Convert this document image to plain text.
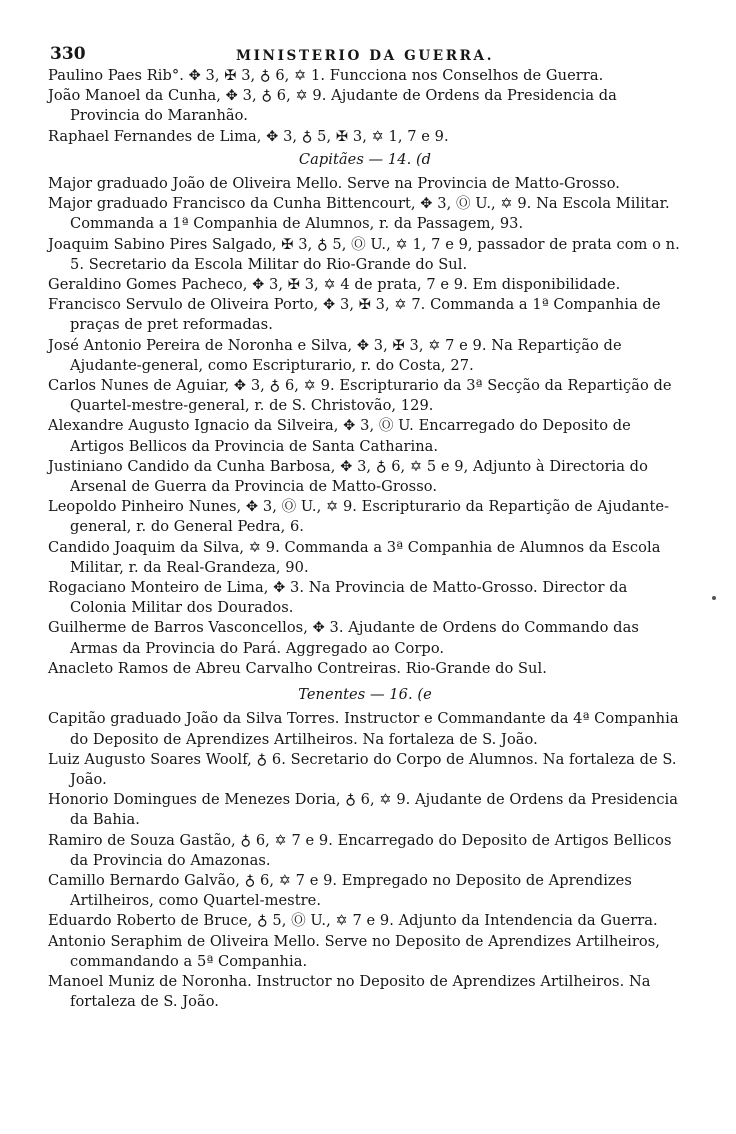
330	MINISTERIO DA GUERRA.

Paulino Paes Rib°. ✥ 3, ✠ 3, ♁ 6, ✡ 1. Funcciona nos Conselhos de Guerra.

João Manoel da Cunha, ✥ 3, ♁ 6, ✡ 9. Ajudante de Ordens da Presidencia da Provincia do Maranhão.

Raphael Fernandes de Lima, ✥ 3, ♁ 5, ✠ 3, ✡ 1, 7 e 9.

Capitães — 14. (d

Major graduado João de Oliveira Mello. Serve na Provincia de Matto-Grosso.

Major graduado Francisco da Cunha Bittencourt, ✥ 3, Ⓞ U., ✡ 9. Na Escola Militar. Commanda a 1ª Companhia de Alumnos, r. da Passagem, 93.

Joaquim Sabino Pires Salgado, ✠ 3, ♁ 5, Ⓞ U., ✡ 1, 7 e 9, passador de prata com o n. 5. Secretario da Escola Militar do Rio-Grande do Sul.

Geraldino Gomes Pacheco, ✥ 3, ✠ 3, ✡ 4 de prata, 7 e 9. Em disponibilidade.

Francisco Servulo de Oliveira Porto, ✥ 3, ✠ 3, ✡ 7. Commanda a 1ª Companhia de praças de pret reformadas.

José Antonio Pereira de Noronha e Silva, ✥ 3, ✠ 3, ✡ 7 e 9. Na Repartição de Ajudante-general, como Escripturario, r. do Costa, 27.

Carlos Nunes de Aguiar, ✥ 3, ♁ 6, ✡ 9. Escripturario da 3ª Secção da Repartição de Quartel-mestre-general, r. de S. Christovão, 129.

Alexandre Augusto Ignacio da Silveira, ✥ 3, Ⓞ U. Encarregado do Deposito de Artigos Bellicos da Provincia de Santa Catharina.

Justiniano Candido da Cunha Barbosa, ✥ 3, ♁ 6, ✡ 5 e 9, Adjunto à Directoria do Arsenal de Guerra da Provincia de Matto-Grosso.

Leopoldo Pinheiro Nunes, ✥ 3, Ⓞ U., ✡ 9. Escripturario da Repartição de Ajudante-general, r. do General Pedra, 6.

Candido Joaquim da Silva, ✡ 9. Commanda a 3ª Companhia de Alumnos da Escola Militar, r. da Real-Grandeza, 90.

Rogaciano Monteiro de Lima, ✥ 3. Na Provincia de Matto-Grosso. Director da Colonia Militar dos Dourados.

Guilherme de Barros Vasconcellos, ✥ 3. Ajudante de Ordens do Commando das Armas da Provincia do Pará. Aggregado ao Corpo.

Anacleto Ramos de Abreu Carvalho Contreiras. Rio-Grande do Sul.

Tenentes — 16. (e

Capitão graduado João da Silva Torres. Instructor e Commandante da 4ª Companhia do Deposito de Aprendizes Artilheiros. Na fortaleza de S. João.

Luiz Augusto Soares Woolf, ♁ 6. Secretario do Corpo de Alumnos. Na fortaleza de S. João.

Honorio Domingues de Menezes Doria, ♁ 6, ✡ 9. Ajudante de Ordens da Presidencia da Bahia.

Ramiro de Souza Gastão, ♁ 6, ✡ 7 e 9. Encarregado do Deposito de Artigos Bellicos da Provincia do Amazonas.

Camillo Bernardo Galvão, ♁ 6, ✡ 7 e 9. Empregado no Deposito de Aprendizes Artilheiros, como Quartel-mestre.

Eduardo Roberto de Bruce, ♁ 5, Ⓞ U., ✡ 7 e 9. Adjunto da Intendencia da Guerra.

Antonio Seraphim de Oliveira Mello. Serve no Deposito de Aprendizes Artilheiros, commandando a 5ª Companhia.

Manoel Muniz de Noronha. Instructor no Deposito de Aprendizes Artilheiros. Na fortaleza de S. João.
